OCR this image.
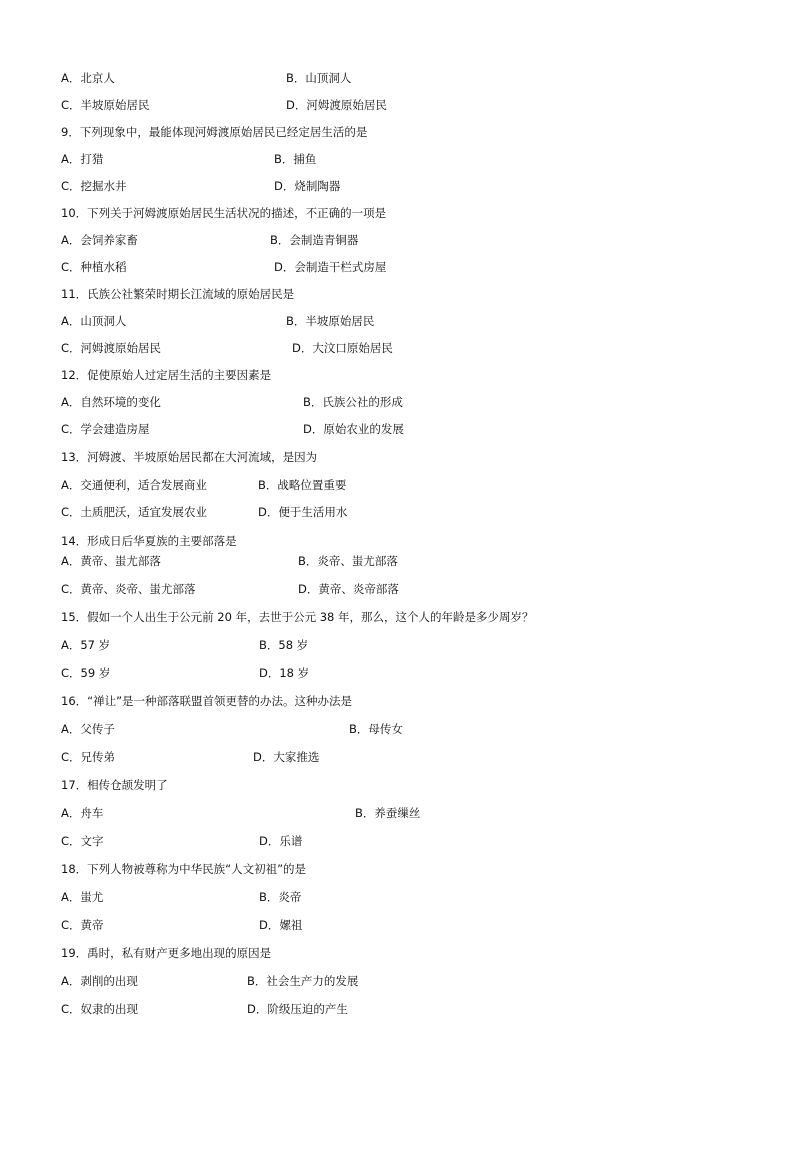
A．北京人	B．山顶洞人
C．半坡原始居民	D．河姆渡原始居民
9．下列现象中，最能体现河姆渡原始居民已经定居生活的是
A．打猎	B．捕鱼
C．挖掘水井	D．烧制陶器
10．下列关于河姆渡原始居民生活状况的描述，不正确的一项是
A．会饲养家畜	B．会制造青铜器
C．种植水稻	D．会制造干栏式房屋
11．氏族公社繁荣时期长江流域的原始居民是
A．山顶洞人	B．半坡原始居民
C．河姆渡原始居民	D．大汶口原始居民
12．促使原始人过定居生活的主要因素是
A．自然环境的变化	B．氏族公社的形成
C．学会建造房屋	D．原始农业的发展
13．河姆渡、半坡原始居民都在大河流域，是因为
A．交通便利，适合发展商业	B．战略位置重要
C．土质肥沃，适宜发展农业	D．便于生活用水
14．形成日后华夏族的主要部落是
A．黄帝、蚩尤部落	B．炎帝、蚩尤部落
C．黄帝、炎帝、蚩尤部落	D．黄帝、炎帝部落
15．假如一个人出生于公元前 20 年，去世于公元 38 年，那么，这个人的年龄是多少周岁？
A．57 岁	B．58 岁
C．59 岁	D．18 岁
16．“禅让”是一种部落联盟首领更替的办法。这种办法是
A．父传子	B．母传女
C．兄传弟	D．大家推选
17．相传仓颉发明了
A．舟车	B．养蚕缫丝
C．文字	D．乐谱
18．下列人物被尊称为中华民族“人文初祖”的是
A．蚩尤	B．炎帝
C．黄帝	D．嫘祖
19．禹时，私有财产更多地出现的原因是
A．剥削的出现	B．社会生产力的发展
C．奴隶的出现	D．阶级压迫的产生
